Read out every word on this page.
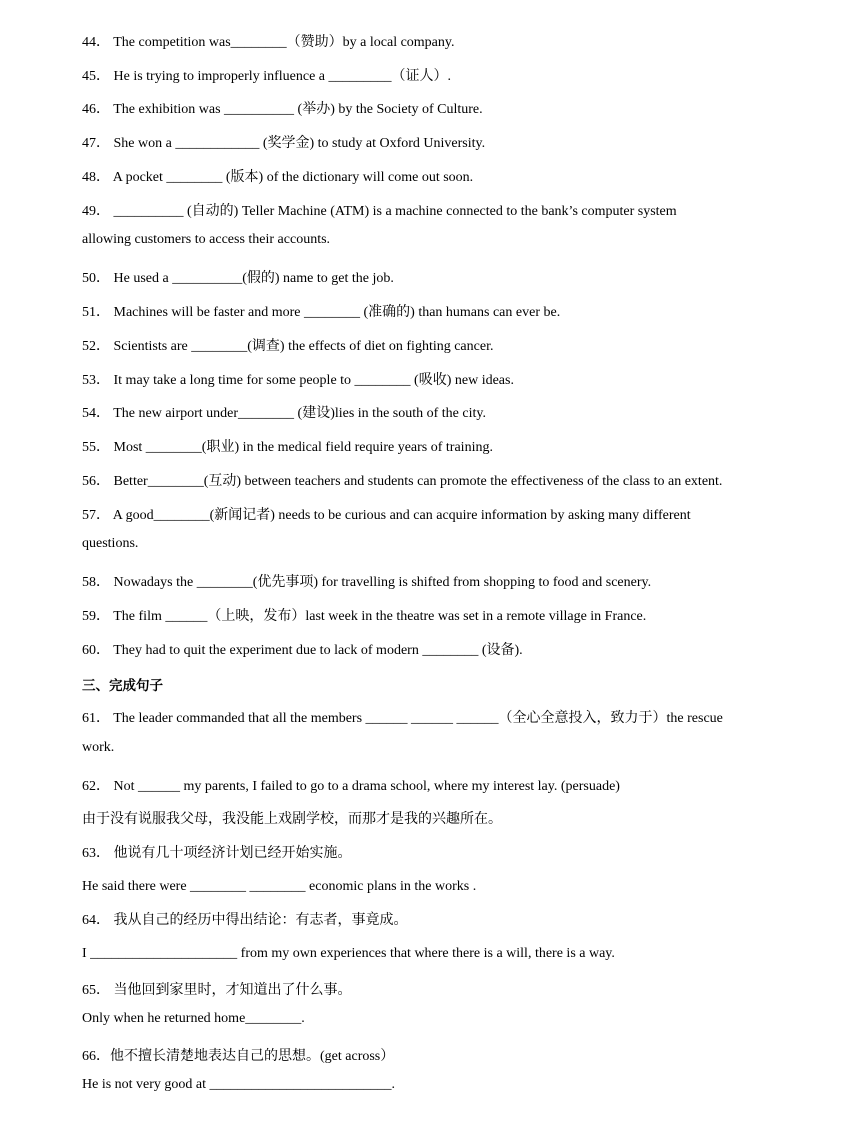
44． The competition was________（赞助）by a local company.
45． He is trying to improperly influence a _________（证人）.
46． The exhibition was __________ (举办) by the Society of Culture.
47． She won a ____________ (奖学金) to study at Oxford University.
48． A pocket ________ (版本) of the dictionary will come out soon.
49． __________ (自动的) Teller Machine (ATM) is a machine connected to the bank’s computer system
allowing customers to access their accounts.
50． He used a __________(假的) name to get the job.
51． Machines will be faster and more ________ (准确的) than humans can ever be.
52． Scientists are ________(调查) the effects of diet on fighting cancer.
53． It may take a long time for some people to ________ (吸收) new ideas.
54． The new airport under________ (建设)lies in the south of the city.
55． Most ________(职业) in the medical field require years of training.
56． Better________(互动) between teachers and students can promote the effectiveness of the class to an extent.
57． A good________(新闻记者) needs to be curious and can acquire information by asking many different
questions.
58． Nowadays the ________(优先事项) for travelling is shifted from shopping to food and scenery.
59． The film ______（上映，发布）last week in the theatre was set in a remote village in France.
60． They had to quit the experiment due to lack of modern ________ (设备).
三、完成句子
61． The leader commanded that all the members ______ ______ ______（全心全意投入，致力于）the rescue
work.
62． Not ______ my parents, I failed to go to a drama school, where my interest lay. (persuade)
由于没有说服我父母，我没能上戏剧学校，而那才是我的兴趣所在。
63． 他说有几十项经济计划已经开始实施。
He said there were ________ ________ economic plans in the works .
64． 我从自己的经历中得出结论：有志者，事竟成。
I _____________________ from my own experiences that where there is a will, there is a way.
65． 当他回到家里时，才知道出了什么事。
Only when he returned home________.
66．他不擅长清楚地表达自己的思想。(get across）
He is not very good at __________________________.
